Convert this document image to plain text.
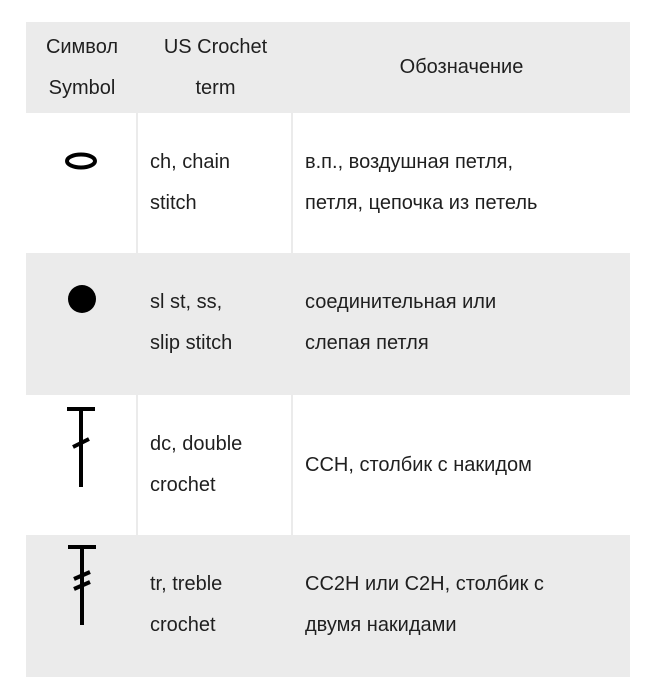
Символ
Symbol
US Crochet
term
Обозначение
ch, chain
stitch
в.п., воздушная петля,
петля, цепочка из петель
sl st, ss,
slip stitch
соединительная или
слепая петля
dc, double
crochet
ССН, столбик с накидом
tr, treble
crochet
СС2Н или С2Н, столбик с
двумя накидами
